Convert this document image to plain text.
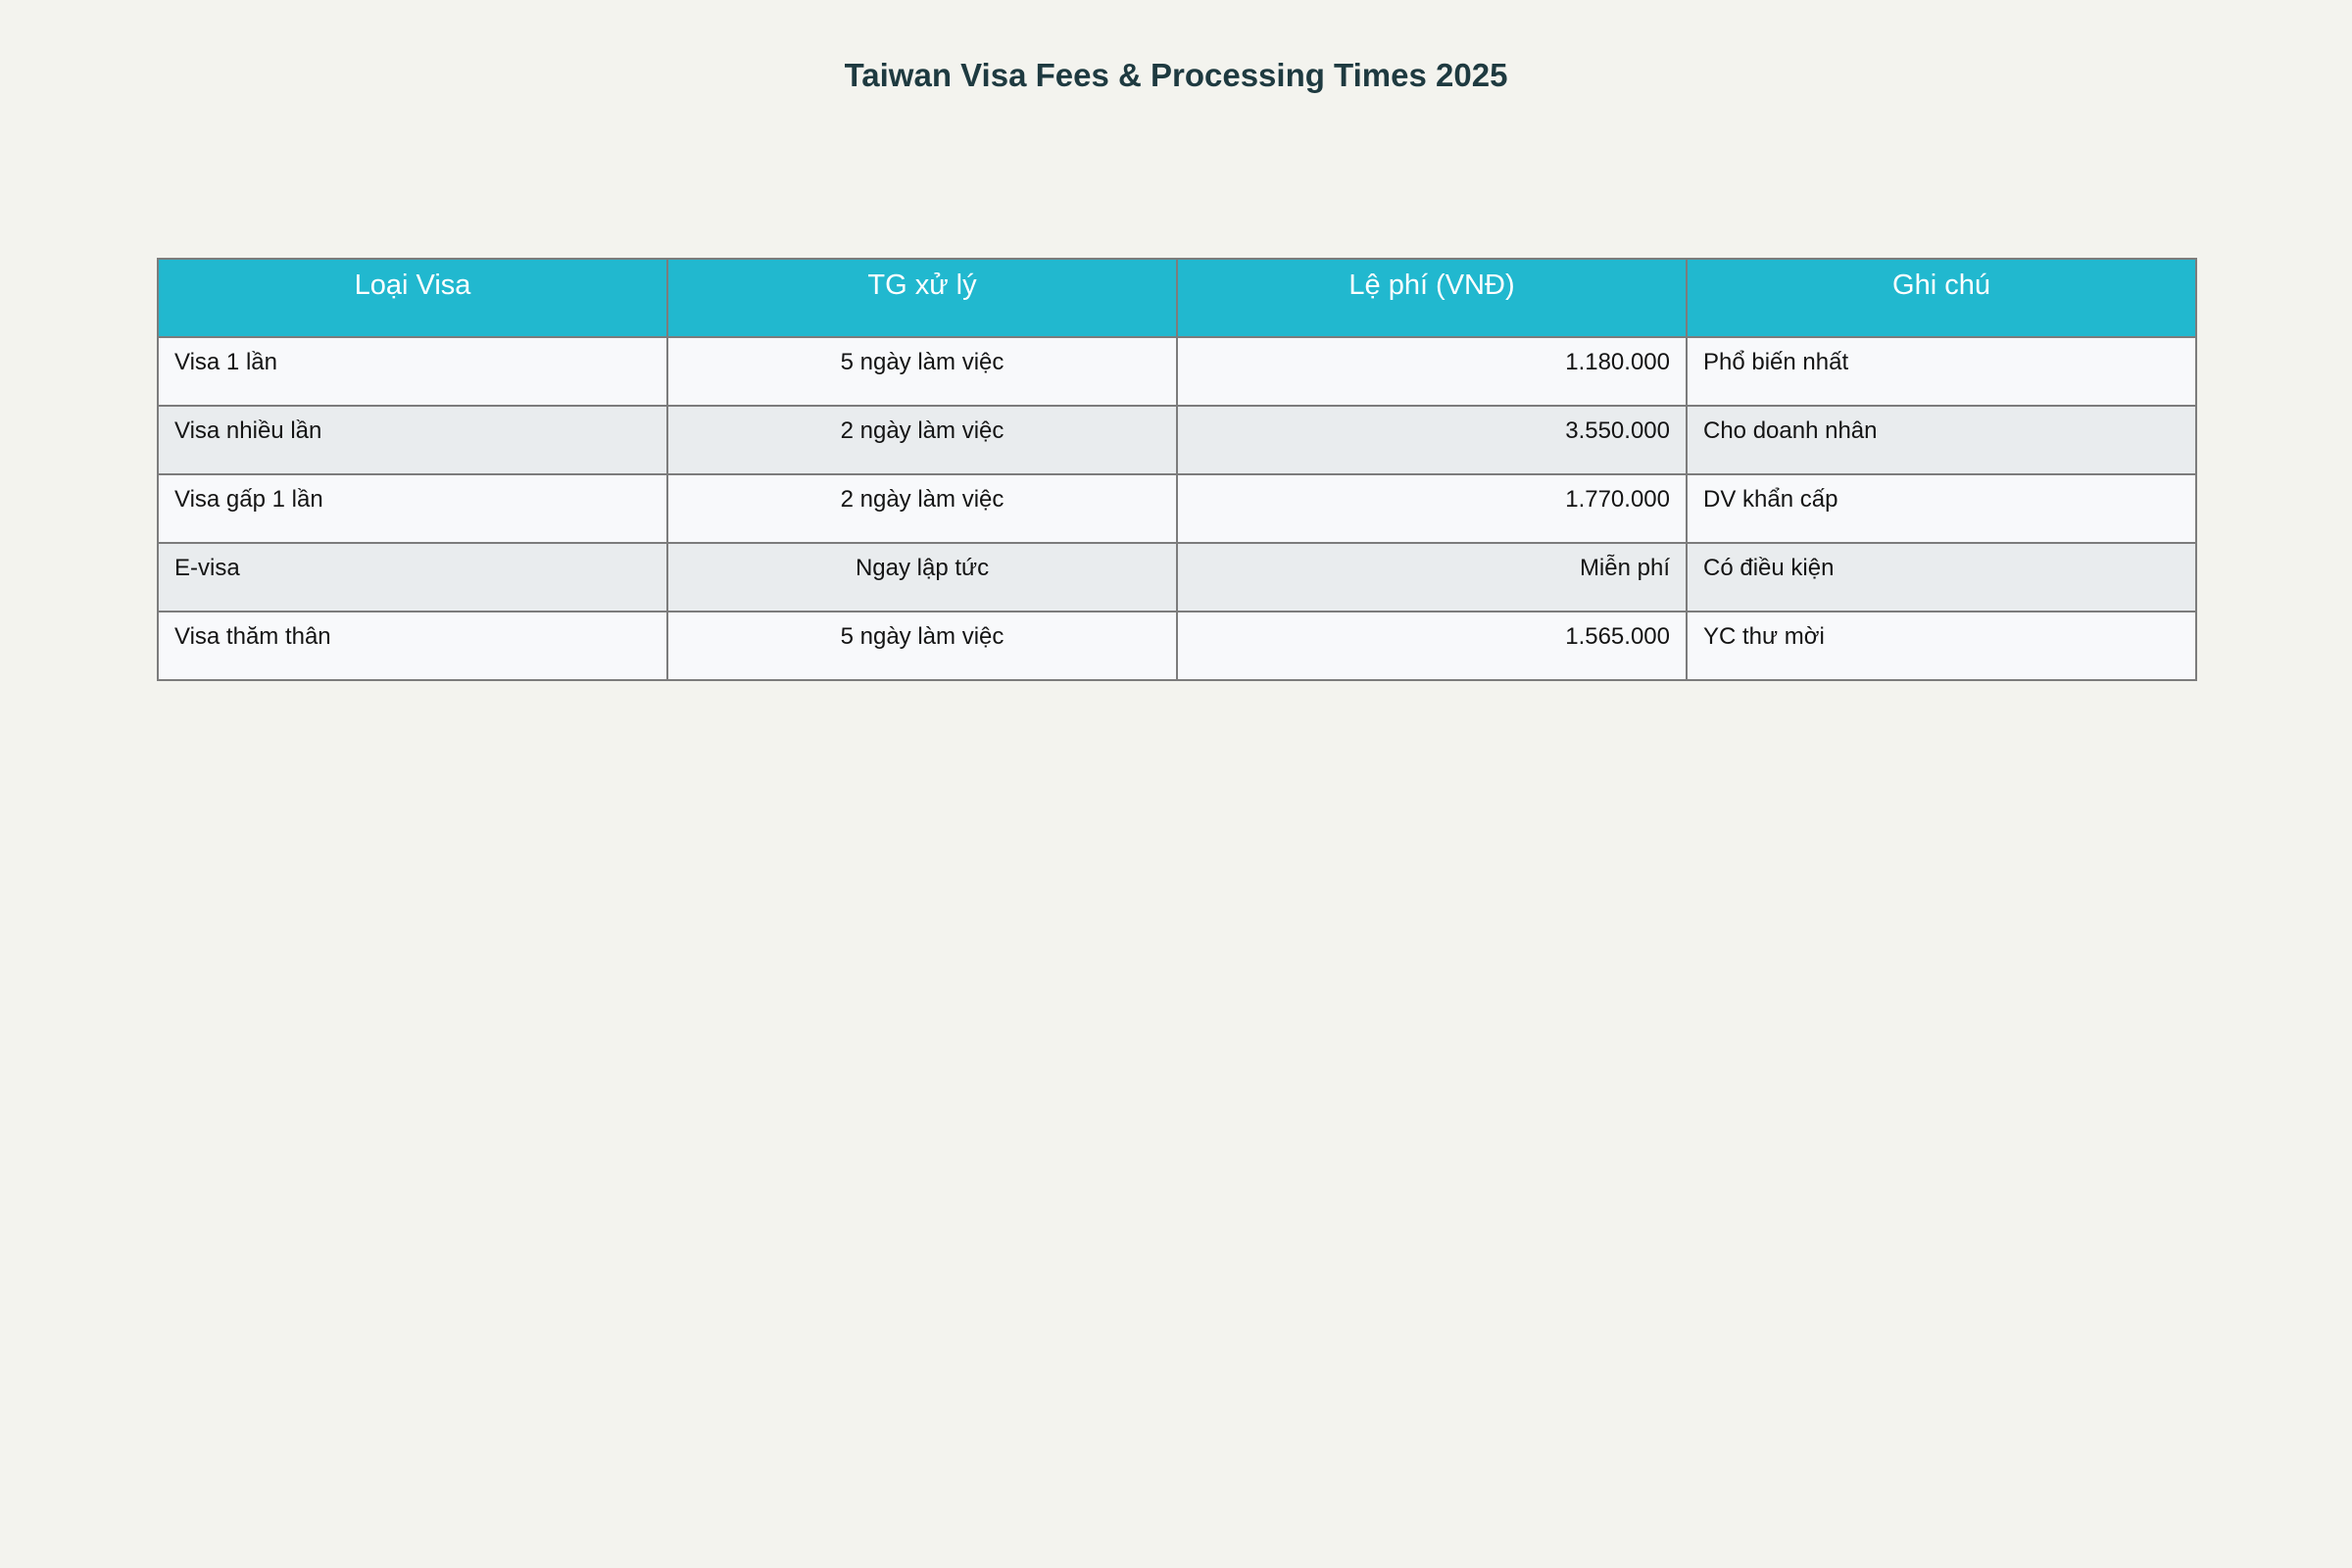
Taiwan Visa Fees & Processing Times 2025
Loại Visa	TG xử lý	Lệ phí (VNĐ)	Ghi chú
Visa 1 lần	5 ngày làm việc	1.180.000	Phổ biến nhất
Visa nhiều lần	2 ngày làm việc	3.550.000	Cho doanh nhân
Visa gấp 1 lần	2 ngày làm việc	1.770.000	DV khẩn cấp
E-visa	Ngay lập tức	Miễn phí	Có điều kiện
Visa thăm thân	5 ngày làm việc	1.565.000	YC thư mời
